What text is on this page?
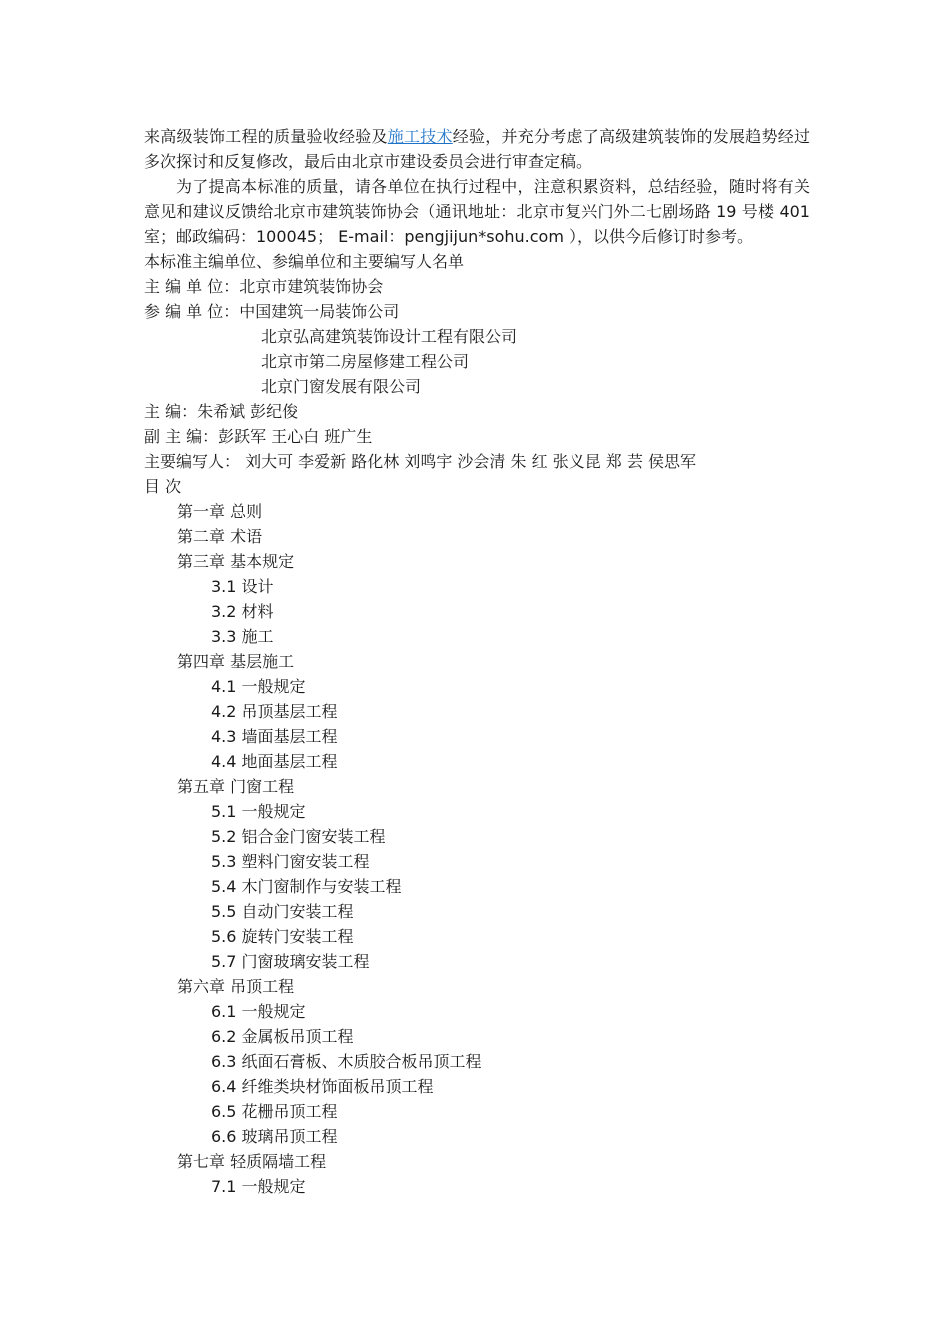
来高级装饰工程的质量验收经验及施工技术经验，并充分考虑了高级建筑装饰的发展趋势经过多次探讨和反复修改，最后由北京市建设委员会进行审查定稿。
为了提高本标准的质量，请各单位在执行过程中，注意积累资料，总结经验，随时将有关意见和建议反馈给北京市建筑装饰协会（通讯地址：北京市复兴门外二七剧场路 19 号楼 401 室；邮政编码：100045； E-mail：pengjijun*sohu.com ），以供今后修订时参考。
本标准主编单位、参编单位和主要编写人名单
主 编 单 位：北京市建筑装饰协会
参 编 单 位：中国建筑一局装饰公司
北京弘高建筑装饰设计工程有限公司
北京市第二房屋修建工程公司
北京门窗发展有限公司
主 编：朱希斌 彭纪俊
副 主 编：彭跃军 王心白 班广生
主要编写人： 刘大可 李爱新 路化林 刘鸣宇 沙会清 朱 红 张义昆 郑 芸 侯思军
目 次
第一章 总则
第二章 术语
第三章 基本规定
3.1 设计
3.2 材料
3.3 施工
第四章 基层施工
4.1 一般规定
4.2 吊顶基层工程
4.3 墙面基层工程
4.4 地面基层工程
第五章 门窗工程
5.1 一般规定
5.2 铝合金门窗安装工程
5.3 塑料门窗安装工程
5.4 木门窗制作与安装工程
5.5 自动门安装工程
5.6 旋转门安装工程
5.7 门窗玻璃安装工程
第六章 吊顶工程
6.1 一般规定
6.2 金属板吊顶工程
6.3 纸面石膏板、木质胶合板吊顶工程
6.4 纤维类块材饰面板吊顶工程
6.5 花栅吊顶工程
6.6 玻璃吊顶工程
第七章 轻质隔墙工程
7.1 一般规定
